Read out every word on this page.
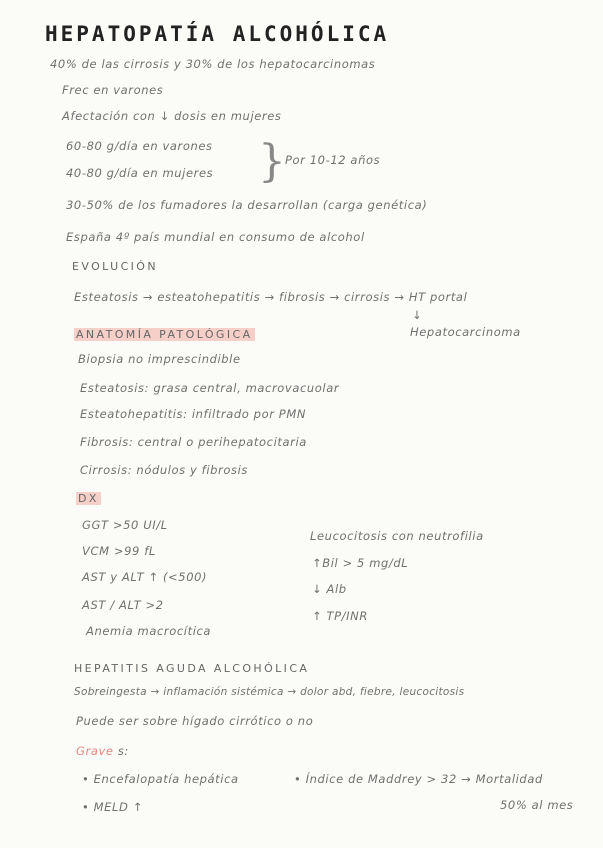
HEPATOPATÍA ALCOHÓLICA
40% de las cirrosis y 30% de los hepatocarcinomas
Frec en varones
Afectación con ↓ dosis en mujeres
60-80 g/día en varones
40-80 g/día en mujeres } Por 10-12 años
30-50% de los fumadores la desarrollan (carga genética)
España 4º país mundial en consumo de alcohol
EVOLUCIÓN
Esteatosis → esteatohepatitis → fibrosis → cirrosis → HT portal
↓
Hepatocarcinoma
ANATOMÍA PATOLÓGICA
Biopsia no imprescindible
Esteatosis: grasa central, macrovacuolar
Esteatohepatitis: infiltrado por PMN
Fibrosis: central o perihepatocitaria
Cirrosis: nódulos y fibrosis
DX
GGT >50 UI/L
VCM >99 fL
AST y ALT ↑ (<500)
AST / ALT >2
Anemia macrocítica
Leucocitosis con neutrofilia
↑Bil > 5 mg/dL
↓ Alb
↑ TP/INR
HEPATITIS AGUDA ALCOHÓLICA
Sobreingesta → inflamación sistémica → dolor abd, fiebre, leucocitosis
Puede ser sobre hígado cirrótico o no
Grave s:
• Encefalopatía hepática	• Índice de Maddrey > 32 → Mortalidad
• MELD ↑	50% al mes
